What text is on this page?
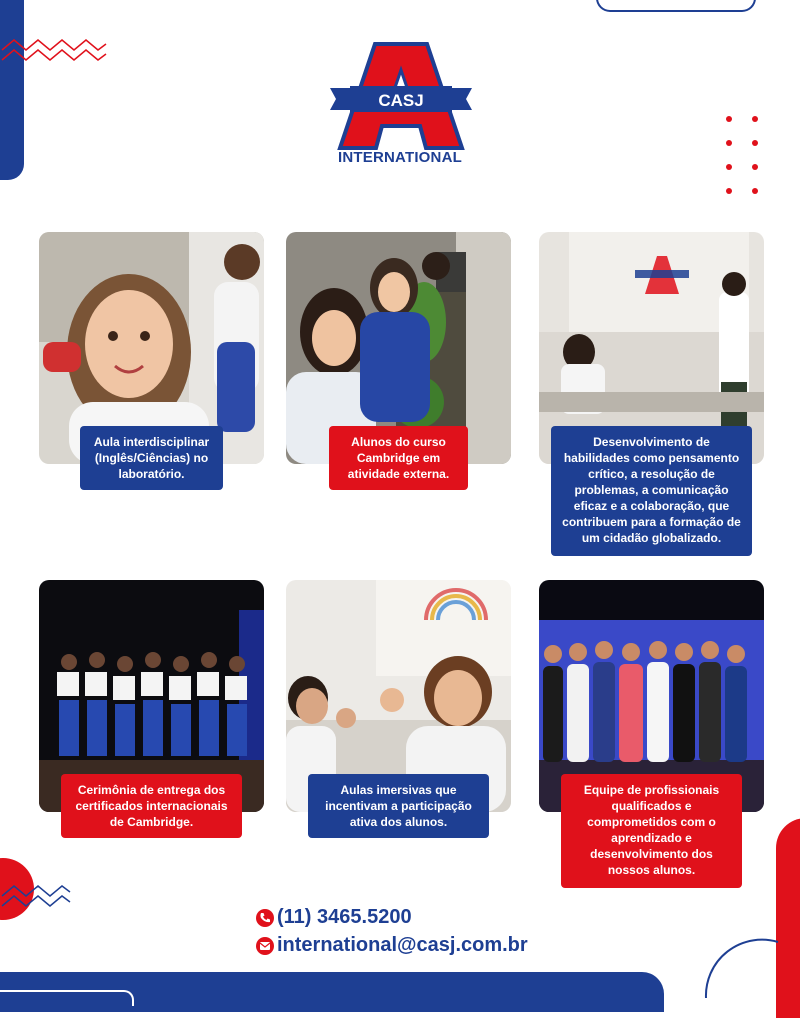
CASJ
INTERNATIONAL
Aula interdisciplinar (Inglês/Ciências) no laboratório.
Alunos do curso Cambridge em atividade externa.
Desenvolvimento de habilidades como pensamento crítico, a resolução de problemas, a comunicação eficaz e a colaboração, que contribuem para a formação de um cidadão globalizado.
Cerimônia de entrega dos certificados internacionais de Cambridge.
Aulas imersivas que incentivam a participação ativa dos alunos.
Equipe de profissionais qualificados e comprometidos com o aprendizado e desenvolvimento dos nossos alunos.
(11) 3465.5200
international@casj.com.br
